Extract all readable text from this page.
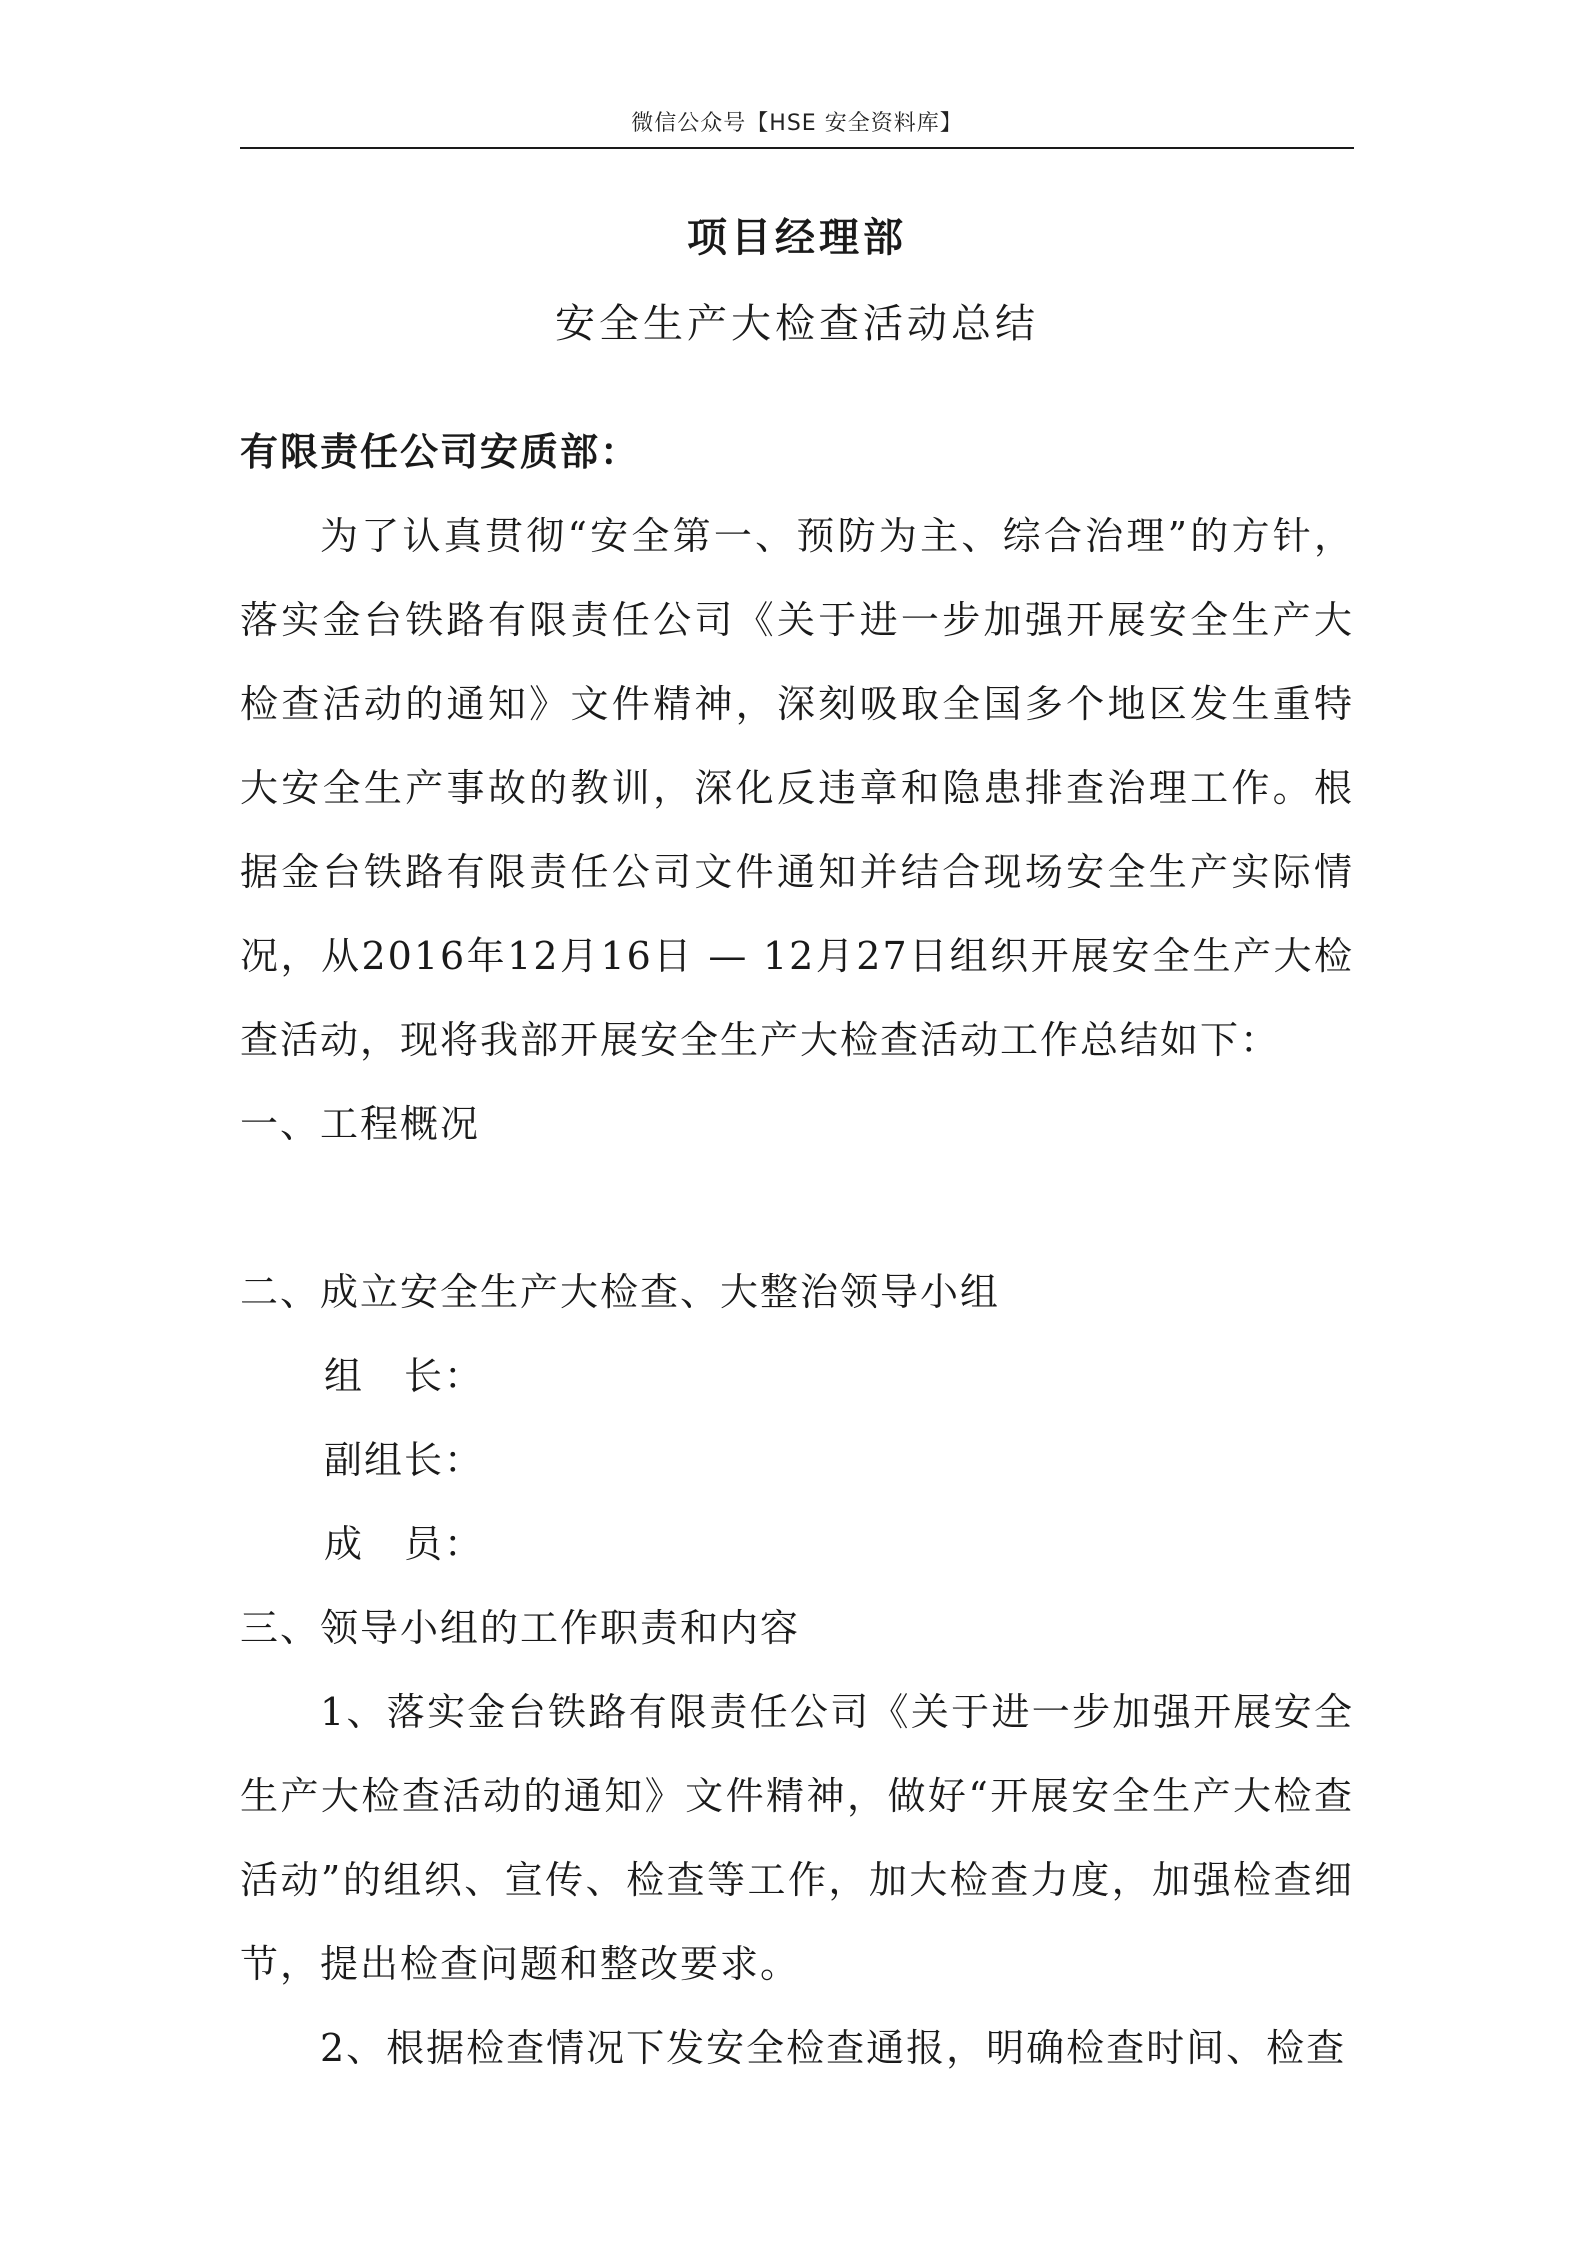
微信公众号【HSE 安全资料库】
项目经理部
安全生产大检查活动总结

有限责任公司安质部：

为了认真贯彻“安全第一、预防为主、综合治理”的方针，落实金台铁路有限责任公司《关于进一步加强开展安全生产大检查活动的通知》文件精神，深刻吸取全国多个地区发生重特大安全生产事故的教训，深化反违章和隐患排查治理工作。根据金台铁路有限责任公司文件通知并结合现场安全生产实际情况，从2016年12月16日 — 12月27日组织开展安全生产大检查活动，现将我部开展安全生产大检查活动工作总结如下：

一、工程概况

二、成立安全生产大检查、大整治领导小组

组　长：

副组长：

成　员：

三、领导小组的工作职责和内容

1、落实金台铁路有限责任公司《关于进一步加强开展安全生产大检查活动的通知》文件精神，做好“开展安全生产大检查活动”的组织、宣传、检查等工作，加大检查力度，加强检查细节，提出检查问题和整改要求。

2、根据检查情况下发安全检查通报，明确检查时间、检查
